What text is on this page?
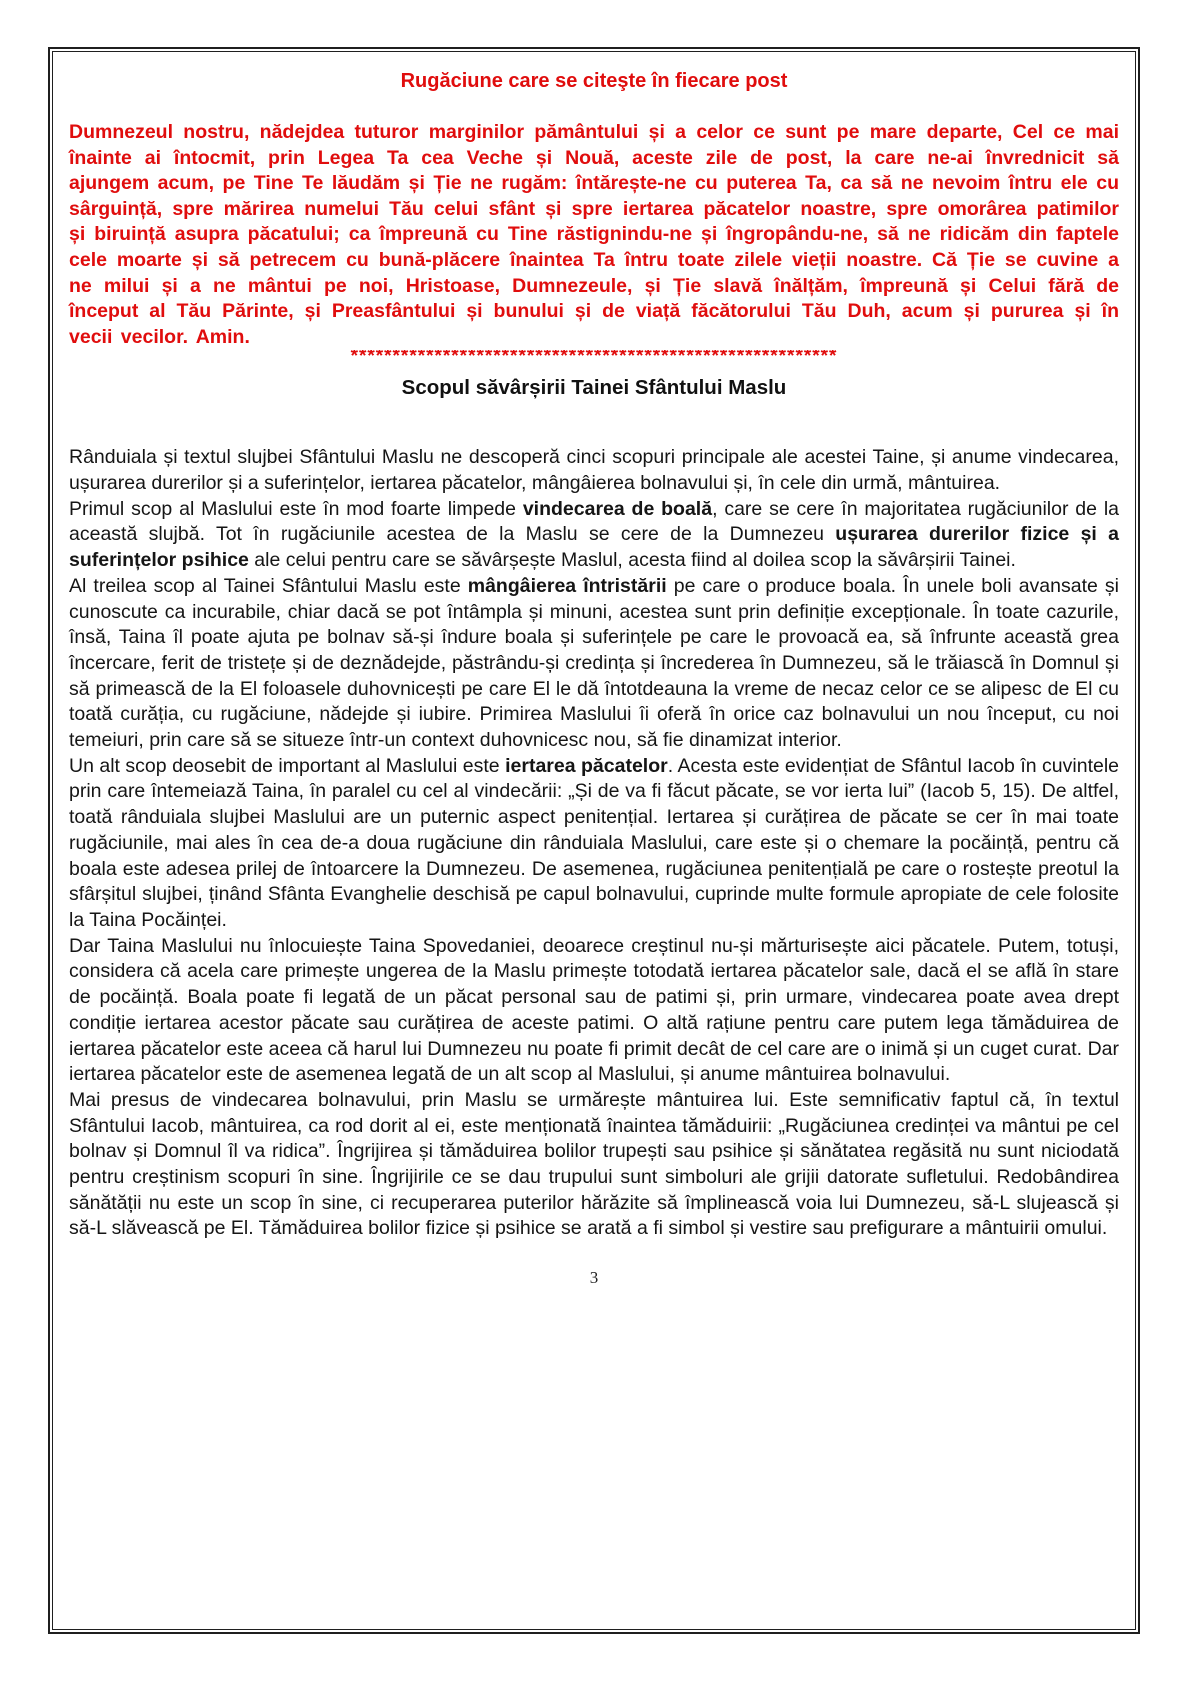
Rugăciune care se citeşte în fiecare post

Dumnezeul nostru, nădejdea tuturor marginilor pământului și a celor ce sunt pe mare departe, Cel ce mai înainte ai întocmit, prin Legea Ta cea Veche și Nouă, aceste zile de post, la care ne-ai învrednicit să ajungem acum, pe Tine Te lăudăm și Ție ne rugăm: întărește-ne cu puterea Ta, ca să ne nevoim întru ele cu sârguință, spre mărirea numelui Tău celui sfânt și spre iertarea păcatelor noastre, spre omorârea patimilor și biruință asupra păcatului; ca împreună cu Tine răstignindu-ne și îngropându-ne, să ne ridicăm din faptele cele moarte și să petrecem cu bună-plăcere înaintea Ta întru toate zilele vieții noastre. Că Ție se cuvine a ne milui și a ne mântui pe noi, Hristoase, Dumnezeule, și Ție slavă înălțăm, împreună și Celui fără de început al Tău Părinte, și Preasfântului și bunului și de viață făcătorului Tău Duh, acum și pururea și în vecii vecilor. Amin.

**********************************************************
Scopul săvârșirii Tainei Sfântului Maslu

Rânduiala și textul slujbei Sfântului Maslu ne descoperă cinci scopuri principale ale acestei Taine, și anume vindecarea, ușurarea durerilor și a suferințelor, iertarea păcatelor, mângâierea bolnavului și, în cele din urmă, mântuirea.

Primul scop al Maslului este în mod foarte limpede vindecarea de boală, care se cere în majoritatea rugăciunilor de la această slujbă. Tot în rugăciunile acestea de la Maslu se cere de la Dumnezeu ușurarea durerilor fizice și a suferințelor psihice ale celui pentru care se săvârșește Maslul, acesta fiind al doilea scop la săvârșirii Tainei.

Al treilea scop al Tainei Sfântului Maslu este mângâierea întristării pe care o produce boala. În unele boli avansate și cunoscute ca incurabile, chiar dacă se pot întâmpla și minuni, acestea sunt prin definiție excepționale. În toate cazurile, însă, Taina îl poate ajuta pe bolnav să-și îndure boala și suferințele pe care le provoacă ea, să înfrunte această grea încercare, ferit de tristețe și de deznădejde, păstrându-și credința și încrederea în Dumnezeu, să le trăiască în Domnul și să primească de la El foloasele duhovnicești pe care El le dă întotdeauna la vreme de necaz celor ce se alipesc de El cu toată curăția, cu rugăciune, nădejde și iubire. Primirea Maslului îi oferă în orice caz bolnavului un nou început, cu noi temeiuri, prin care să se situeze într-un context duhovnicesc nou, să fie dinamizat interior.

Un alt scop deosebit de important al Maslului este iertarea păcatelor. Acesta este evidențiat de Sfântul Iacob în cuvintele prin care întemeiază Taina, în paralel cu cel al vindecării: „Și de va fi făcut păcate, se vor ierta lui” (Iacob 5, 15). De altfel, toată rânduiala slujbei Maslului are un puternic aspect penitențial. Iertarea și curățirea de păcate se cer în mai toate rugăciunile, mai ales în cea de-a doua rugăciune din rânduiala Maslului, care este și o chemare la pocăință, pentru că boala este adesea prilej de întoarcere la Dumnezeu. De asemenea, rugăciunea penitențială pe care o rostește preotul la sfârșitul slujbei, ținând Sfânta Evanghelie deschisă pe capul bolnavului, cuprinde multe formule apropiate de cele folosite la Taina Pocăinței.

Dar Taina Maslului nu înlocuiește Taina Spovedaniei, deoarece creștinul nu-și mărturisește aici păcatele. Putem, totuși, considera că acela care primește ungerea de la Maslu primește totodată iertarea păcatelor sale, dacă el se află în stare de pocăință. Boala poate fi legată de un păcat personal sau de patimi și, prin urmare, vindecarea poate avea drept condiție iertarea acestor păcate sau curățirea de aceste patimi. O altă rațiune pentru care putem lega tămăduirea de iertarea păcatelor este aceea că harul lui Dumnezeu nu poate fi primit decât de cel care are o inimă și un cuget curat. Dar iertarea păcatelor este de asemenea legată de un alt scop al Maslului, și anume mântuirea bolnavului.

Mai presus de vindecarea bolnavului, prin Maslu se urmărește mântuirea lui. Este semnificativ faptul că, în textul Sfântului Iacob, mântuirea, ca rod dorit al ei, este menționată înaintea tămăduirii: „Rugăciunea credinței va mântui pe cel bolnav și Domnul îl va ridica”. Îngrijirea și tămăduirea bolilor trupești sau psihice și sănătatea regăsită nu sunt niciodată pentru creștinism scopuri în sine. Îngrijirile ce se dau trupului sunt simboluri ale grijii datorate sufletului. Redobândirea sănătății nu este un scop în sine, ci recuperarea puterilor hărăzite să împlinească voia lui Dumnezeu, să-L slujească și să-L slăvească pe El. Tămăduirea bolilor fizice și psihice se arată a fi simbol și vestire sau prefigurare a mântuirii omului.

3
